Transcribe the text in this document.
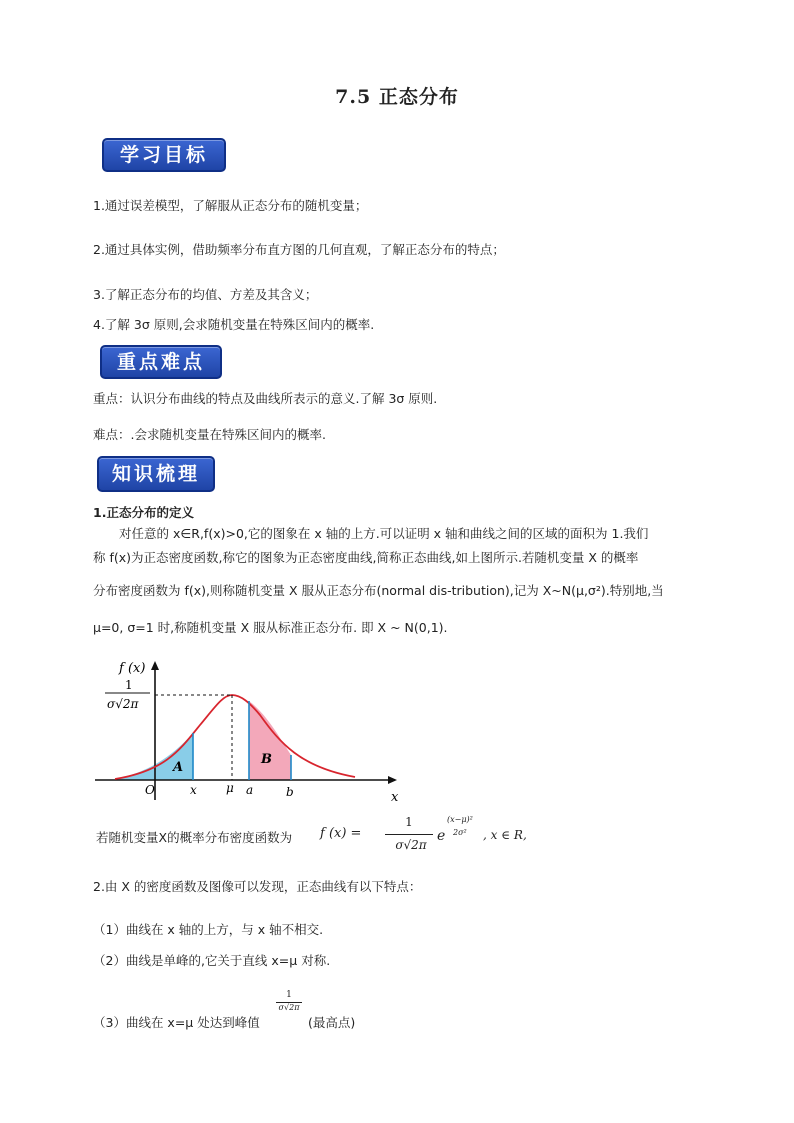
7.5 正态分布
学习目标
1.通过误差模型，了解服从正态分布的随机变量；
2.通过具体实例，借助频率分布直方图的几何直观，了解正态分布的特点；
3.了解正态分布的均值、方差及其含义；
4.了解 3σ 原则,会求随机变量在特殊区间内的概率.
重点难点
重点：认识分布曲线的特点及曲线所表示的意义.了解 3σ 原则.
难点：.会求随机变量在特殊区间内的概率.
知识梳理
1.正态分布的定义
对任意的 x∈R,f(x)>0,它的图象在 x 轴的上方.可以证明 x 轴和曲线之间的区域的面积为 1.我们
称 f(x)为正态密度函数,称它的图象为正态密度曲线,简称正态曲线,如上图所示.若随机变量 X 的概率
分布密度函数为 f(x),则称随机变量 X 服从正态分布(normal dis-tribution),记为 X~N(μ,σ²).特别地,当
μ=0, σ=1 时,称随机变量 X 服从标准正态分布. 即 X ~ N(0,1).
f (x)
1
σ√2π
O	x
x μ a	b
A
B
若随机变量X的概率分布密度函数为 f (x) =
1
σ√2π
e
(x−μ)²
2σ² , x ∈ R,
2.由 X 的密度函数及图像可以发现，正态曲线有以下特点：
（1）曲线在 x 轴的上方，与 x 轴不相交.
（2）曲线是单峰的,它关于直线 x=μ 对称.
（3）曲线在 x=μ 处达到峰值
1
σ√2π
(最高点)
